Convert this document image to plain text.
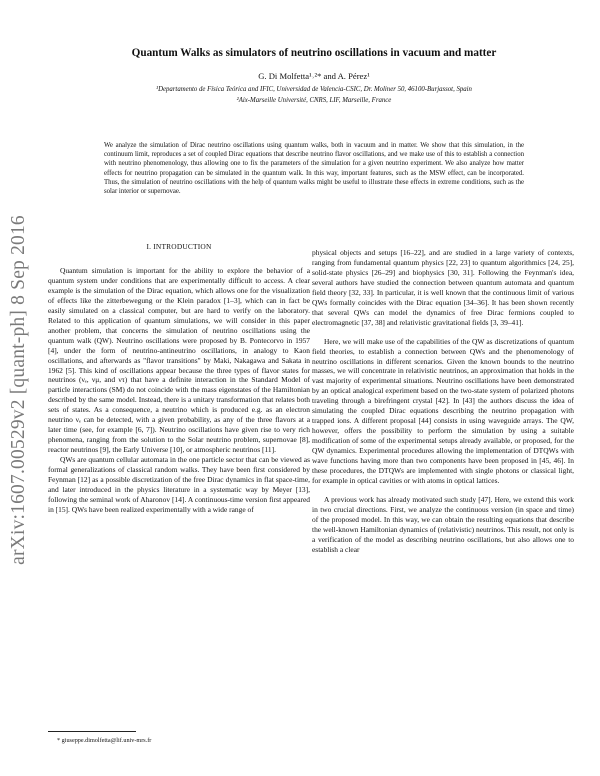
arXiv:1607.00529v2 [quant-ph] 8 Sep 2016
Quantum Walks as simulators of neutrino oscillations in vacuum and matter
G. Di Molfetta¹˒²* and A. Pérez¹
¹Departamento de Física Teórica and IFIC, Universidad de Valencia-CSIC, Dr. Moliner 50, 46100-Burjassot, Spain
²Aix-Marseille Université, CNRS, LIF, Marseille, France

We analyze the simulation of Dirac neutrino oscillations using quantum walks, both in vacuum and in matter. We show that this simulation, in the continuum limit, reproduces a set of coupled Dirac equations that describe neutrino flavor oscillations, and we make use of this to establish a connection with neutrino phenomenology, thus allowing one to fix the parameters of the simulation for a given neutrino experiment. We also analyze how matter effects for neutrino propagation can be simulated in the quantum walk. In this way, important features, such as the MSW effect, can be incorporated. Thus, the simulation of neutrino oscillations with the help of quantum walks might be useful to illustrate these effects in extreme conditions, such as the solar interior or supernovae.

I. INTRODUCTION

Quantum simulation is important for the ability to explore the behavior of a quantum system under conditions that are experimentally difficult to access. A clear example is the simulation of the Dirac equation, which allows one for the visualization of effects like the zitterbewegung or the Klein paradox [1–3], which can in fact be easily simulated on a classical computer, but are hard to verify on the laboratory. Related to this application of quantum simulations, we will consider in this paper another problem, that concerns the simulation of neutrino oscillations using the quantum walk (QW). Neutrino oscillations were proposed by B. Pontecorvo in 1957 [4], under the form of neutrino-antineutrino oscillations, in analogy to Kaon oscillations, and afterwards as "flavor transitions" by Maki, Nakagawa and Sakata in 1962 [5]. This kind of oscillations appear because the three types of flavor states for neutrinos (νₑ, νμ, and ντ) that have a definite interaction in the Standard Model of particle interactions (SM) do not coincide with the mass eigenstates of the Hamiltonian described by the same model. Instead, there is a unitary transformation that relates both sets of states. As a consequence, a neutrino which is produced e.g. as an electron neutrino νₑ can be detected, with a given probability, as any of the three flavors at a later time (see, for example [6, 7]). Neutrino oscillations have given rise to very rich phenomena, ranging from the solution to the Solar neutrino problem, supernovae [8], reactor neutrinos [9], the Early Universe [10], or atmospheric neutrinos [11].

QWs are quantum cellular automata in the one particle sector that can be viewed as formal generalizations of classical random walks. They have been first considered by Feynman [12] as a possible discretization of the free Dirac dynamics in flat space-time, and later introduced in the physics literature in a systematic way by Meyer [13], following the seminal work of Aharonov [14]. A continuous-time version first appeared in [15]. QWs have been realized experimentally with a wide range of

physical objects and setups [16–22], and are studied in a large variety of contexts, ranging from fundamental quantum physics [22, 23] to quantum algorithmics [24, 25], solid-state physics [26–29] and biophysics [30, 31]. Following the Feynman's idea, several authors have studied the connection between quantum automata and quantum field theory [32, 33]. In particular, it is well known that the continuous limit of various QWs formally coincides with the Dirac equation [34–36]. It has been shown recently that several QWs can model the dynamics of free Dirac fermions coupled to electromagnetic [37, 38] and relativistic gravitational fields [3, 39–41].

Here, we will make use of the capabilities of the QW as discretizations of quantum field theories, to establish a connection between QWs and the phenomenology of neutrino oscillations in different scenarios. Given the known bounds to the neutrino masses, we will concentrate in relativistic neutrinos, an approximation that holds in the vast majority of experimental situations. Neutrino oscillations have been demonstrated by an optical analogical experiment based on the two-state system of polarized photons traveling through a birefringent crystal [42]. In [43] the authors discuss the idea of simulating the coupled Dirac equations describing the neutrino propagation with trapped ions. A different proposal [44] consists in using waveguide arrays. The QW, however, offers the possibility to perform the simulation by using a suitable modification of some of the experimental setups already available, or proposed, for the QW dynamics. Experimental procedures allowing the implementation of DTQWs with wave functions having more than two components have been proposed in [45, 46]. In these procedures, the DTQWs are implemented with single photons or classical light, for example in optical cavities or with atoms in optical lattices.

A previous work has already motivated such study [47]. Here, we extend this work in two crucial directions. First, we analyze the continuous version (in space and time) of the proposed model. In this way, we can obtain the resulting equations that describe the well-known Hamiltonian dynamics of (relativistic) neutrinos. This result, not only is a verification of the model as describing neutrino oscillations, but also allows one to establish a clear

* giuseppe.dimolfetta@lif.univ-mrs.fr
